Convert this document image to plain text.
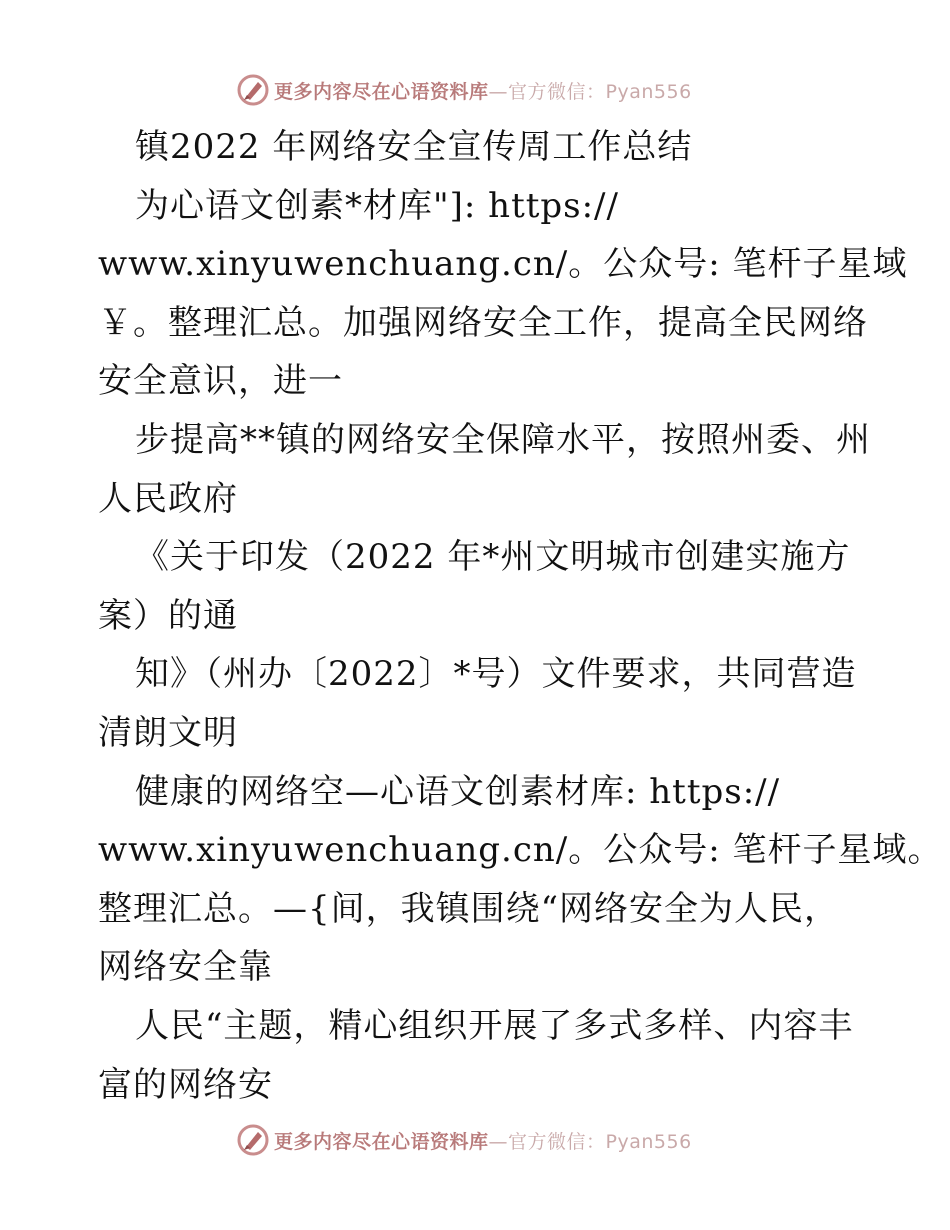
更多内容尽在心语资料库—官方微信：Pyan556
镇2022 年网络安全宣传周工作总结
为心语文创素*材库"]: https://
www.xinyuwenchuang.cn/。公众号: 笔杆子星域
￥。整理汇总。加强网络安全工作，提高全民网络
安全意识，进一
步提高**镇的网络安全保障水平，按照州委、州
人民政府
《关于印发（2022 年*州文明城市创建实施方
案）的通
知》（州办〔2022〕*号）文件要求，共同营造
清朗文明
健康的网络空—心语文创素材库: https://
www.xinyuwenchuang.cn/。公众号: 笔杆子星域。
整理汇总。—{间，我镇围绕“网络安全为人民，
网络安全靠
人民“主题，精心组织开展了多式多样、内容丰
富的网络安
更多内容尽在心语资料库—官方微信：Pyan556
